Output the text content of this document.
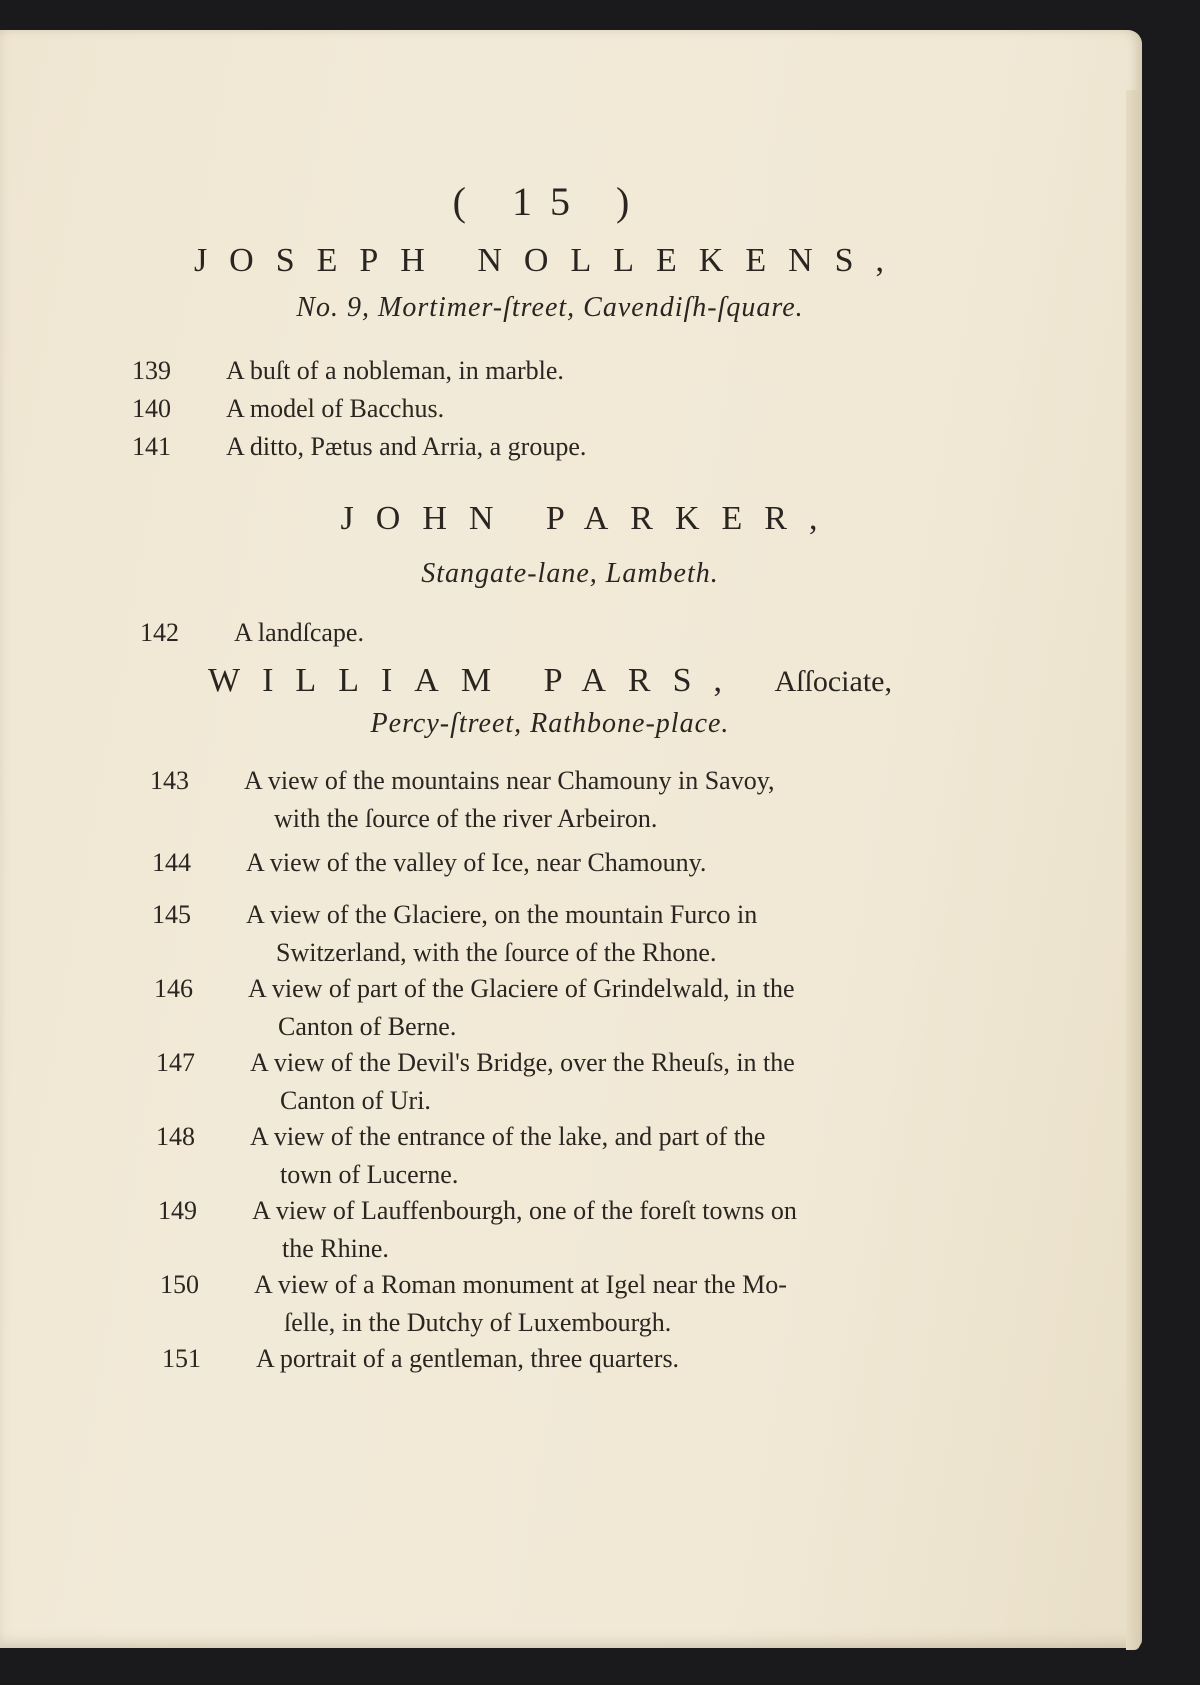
( 15 )
JOSEPH NOLLEKENS,
No. 9, Mortimer-ſtreet, Cavendiſh-ſquare.
139	A buſt of a nobleman, in marble.
140	A model of Bacchus.
141	A ditto, Pætus and Arria, a groupe.
JOHN PARKER,
Stangate-lane, Lambeth.
142	A landſcape.
WILLIAM PARS, Aſſociate,
Percy-ſtreet, Rathbone-place.
143	A view of the mountains near Chamouny in Savoy,
with the ſource of the river Arbeiron.
144	A view of the valley of Ice, near Chamouny.
145	A view of the Glaciere, on the mountain Furco in
Switzerland, with the ſource of the Rhone.
146	A view of part of the Glaciere of Grindelwald, in the
Canton of Berne.
147	A view of the Devil's Bridge, over the Rheuſs, in the
Canton of Uri.
148	A view of the entrance of the lake, and part of the
town of Lucerne.
149	A view of Lauffenbourgh, one of the foreſt towns on
the Rhine.
150	A view of a Roman monument at Igel near the Mo-
ſelle, in the Dutchy of Luxembourgh.
151	A portrait of a gentleman, three quarters.
